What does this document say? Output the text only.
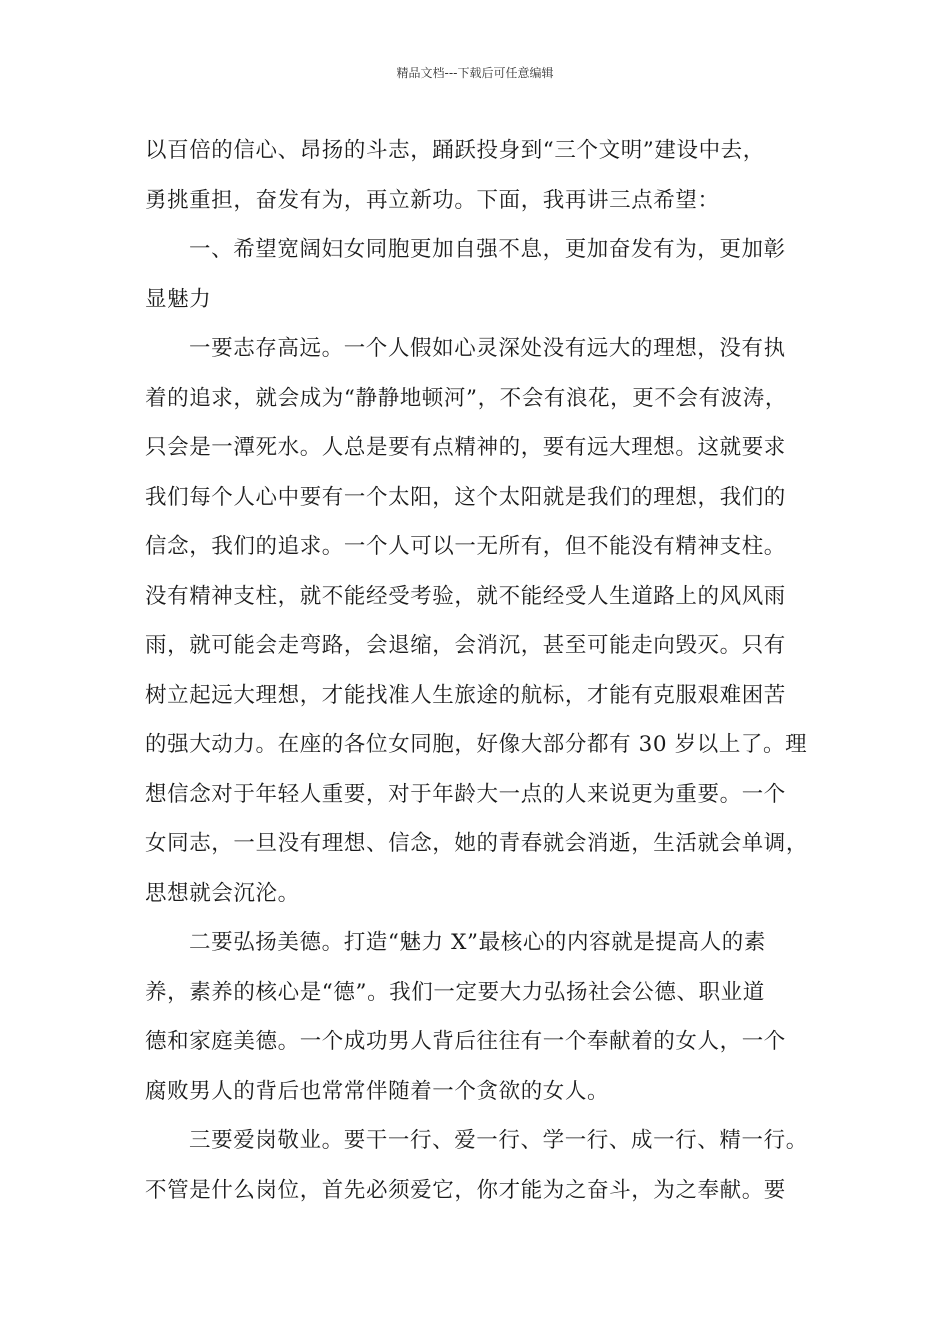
精品文档---下载后可任意编辑
以百倍的信心、昂扬的斗志，踊跃投身到“三个文明”建设中去，
勇挑重担，奋发有为，再立新功。下面，我再讲三点希望：
一、希望宽阔妇女同胞更加自强不息，更加奋发有为，更加彰
显魅力
一要志存高远。一个人假如心灵深处没有远大的理想，没有执
着的追求，就会成为“静静地顿河”，不会有浪花，更不会有波涛，
只会是一潭死水。人总是要有点精神的，要有远大理想。这就要求
我们每个人心中要有一个太阳，这个太阳就是我们的理想，我们的
信念，我们的追求。一个人可以一无所有，但不能没有精神支柱。
没有精神支柱，就不能经受考验，就不能经受人生道路上的风风雨
雨，就可能会走弯路，会退缩，会消沉，甚至可能走向毁灭。只有
树立起远大理想，才能找准人生旅途的航标，才能有克服艰难困苦
的强大动力。在座的各位女同胞，好像大部分都有 30 岁以上了。理
想信念对于年轻人重要，对于年龄大一点的人来说更为重要。一个
女同志，一旦没有理想、信念，她的青春就会消逝，生活就会单调，
思想就会沉沦。
二要弘扬美德。打造“魅力 X”最核心的内容就是提高人的素
养，素养的核心是“德”。我们一定要大力弘扬社会公德、职业道
德和家庭美德。一个成功男人背后往往有一个奉献着的女人，一个
腐败男人的背后也常常伴随着一个贪欲的女人。
三要爱岗敬业。要干一行、爱一行、学一行、成一行、精一行。
不管是什么岗位，首先必须爱它，你才能为之奋斗，为之奉献。要
